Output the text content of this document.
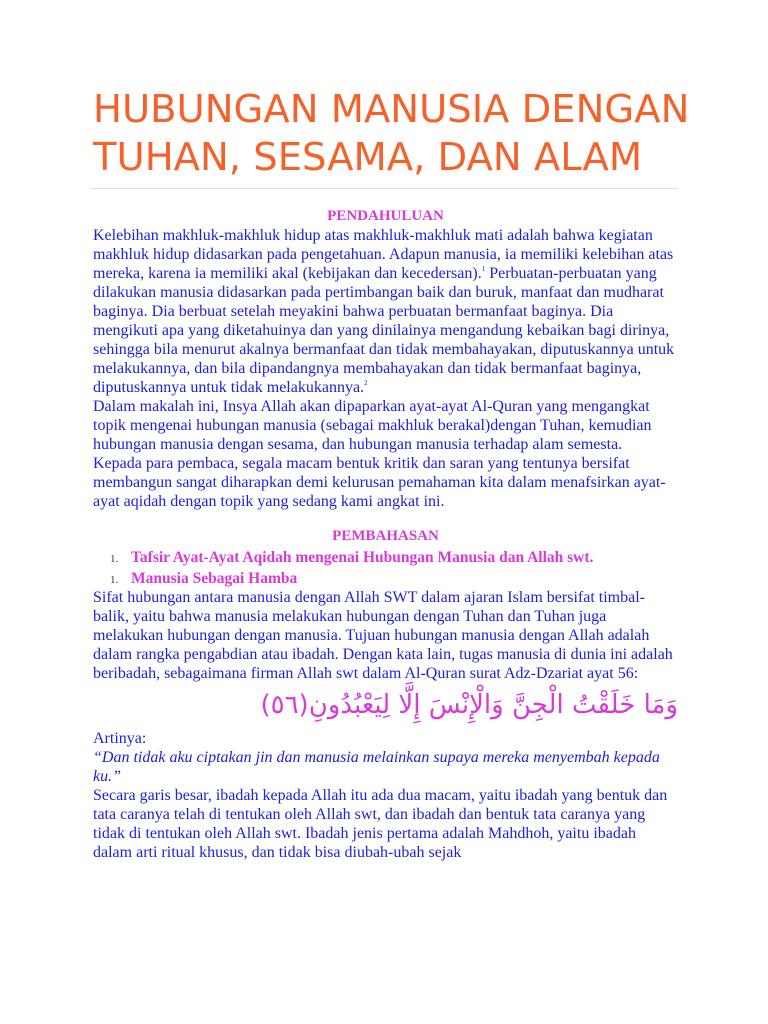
HUBUNGAN MANUSIA DENGAN TUHAN, SESAMA, DAN ALAM
PENDAHULUAN

Kelebihan makhluk-makhluk hidup atas makhluk-makhluk mati adalah bahwa kegiatan makhluk hidup didasarkan pada pengetahuan. Adapun manusia, ia memiliki kelebihan atas mereka, karena ia memiliki akal (kebijakan dan kecedersan).$^1$ Perbuatan-perbuatan yang dilakukan manusia didasarkan pada pertimbangan baik dan buruk, manfaat dan mudharat baginya. Dia berbuat setelah meyakini bahwa perbuatan bermanfaat baginya. Dia mengikuti apa yang diketahuinya dan yang dinilainya mengandung kebaikan bagi dirinya, sehingga bila menurut akalnya bermanfaat dan tidak membahayakan, diputuskannya untuk melakukannya, dan bila dipandangnya membahayakan dan tidak bermanfaat baginya, diputuskannya untuk tidak melakukannya.$^2$

Dalam makalah ini, Insya Allah akan dipaparkan ayat-ayat Al-Quran yang mengangkat topik mengenai hubungan manusia (sebagai makhluk berakal)dengan Tuhan, kemudian hubungan manusia dengan sesama, dan hubungan manusia terhadap alam semesta.

Kepada para pembaca, segala macam bentuk kritik dan saran yang tentunya bersifat membangun sangat diharapkan demi kelurusan pemahaman kita dalam menafsirkan ayat-ayat aqidah dengan topik yang sedang kami angkat ini.

PEMBAHASAN
1. Tafsir Ayat-Ayat Aqidah mengenai Hubungan Manusia dan Allah swt.
1. Manusia Sebagai Hamba

Sifat hubungan antara manusia dengan Allah SWT dalam ajaran Islam bersifat timbal-balik, yaitu bahwa manusia melakukan hubungan dengan Tuhan dan Tuhan juga melakukan hubungan dengan manusia. Tujuan hubungan manusia dengan Allah adalah dalam rangka pengabdian atau ibadah. Dengan kata lain, tugas manusia di dunia ini adalah beribadah, sebagaimana firman Allah swt dalam Al-Quran surat Adz-Dzariat ayat 56:

وَمَا خَلَقْتُ الْجِنَّ وَالْإِنْسَ إِلَّا لِيَعْبُدُونِ(٥٦)

Artinya:

“Dan tidak aku ciptakan jin dan manusia melainkan supaya mereka menyembah kepada ku.”

Secara garis besar, ibadah kepada Allah itu ada dua macam, yaitu ibadah yang bentuk dan tata caranya telah di tentukan oleh Allah swt, dan ibadah dan bentuk tata caranya yang tidak di tentukan oleh Allah swt. Ibadah jenis pertama adalah Mahdhoh, yaitu ibadah dalam arti ritual khusus, dan tidak bisa diubah-ubah sejak
